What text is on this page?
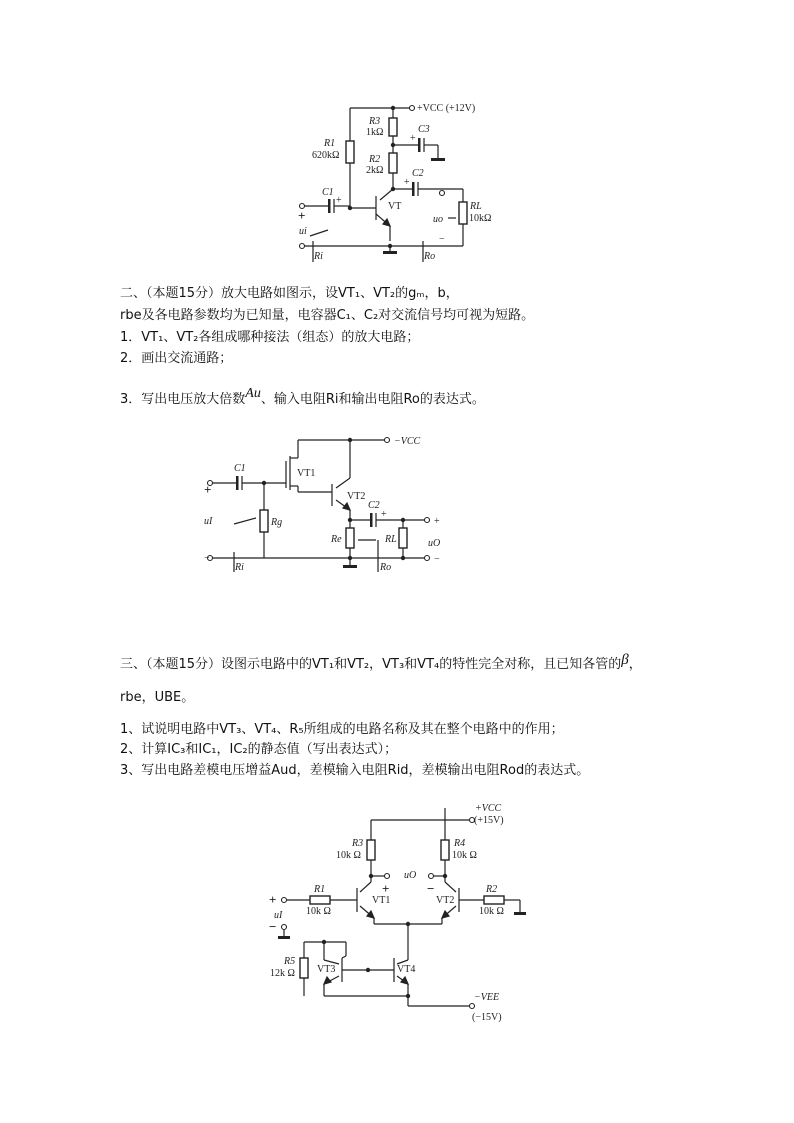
+VCC (+12V)
R1
620kΩ
R3
1kΩ	C3
+
R2
2kΩ
VT
C2
+
RL
10kΩ
C1
+
+
ui
Ri	Ro
uo
−
二、（本题15分）放大电路如图示，设VT₁、VT₂的gₘ，b，
rbe及各电路参数均为已知量，电容器C₁、C₂对交流信号均可视为短路。
1．VT₁、VT₂各组成哪种接法（组态）的放大电路；
2．画出交流通路；
3．写出电压放大倍数Au、输入电阻Ri和输出电阻Ro的表达式。
−VCC
VT1
C1
+
Rg
uI
VT2
C2
+
+
Re	RL	uO
−
−
Ri	Ro
三、（本题15分）设图示电路中的VT₁和VT₂，VT₃和VT₄的特性完全对称，且已知各管的β，
rbe，UBE。
1、试说明电路中VT₃、VT₄、R₅所组成的电路名称及其在整个电路中的作用；
2、计算IC₃和IC₁，IC₂的静态值（写出表达式）；
3、写出电路差模电压增益Aud，差模输入电阻Rid，差模输出电阻Rod的表达式。
+VCC
(+15V)
R3
10k Ω
R4
10k Ω
uO
+	−
VT1	VT2
R1
10k Ω
+
uI
−
R2
10k Ω
VT4
VT3
R5
12k Ω
−VEE
(−15V)
